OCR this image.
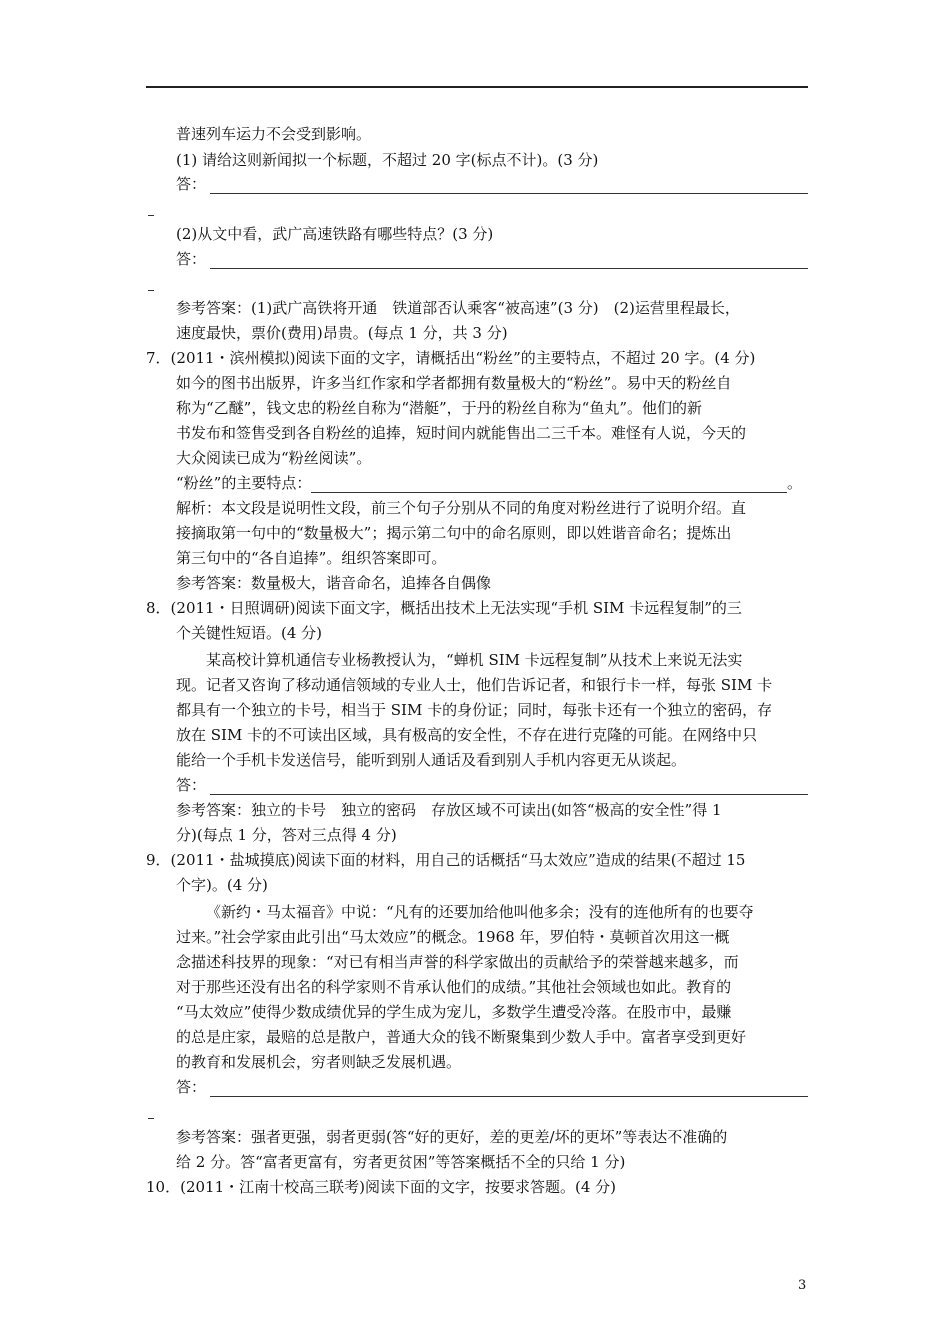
普速列车运力不会受到影响。
(1) 请给这则新闻拟一个标题，不超过 20 字(标点不计)。(3 分)
答：
(2)从文中看，武广高速铁路有哪些特点？(3 分)
答：
参考答案：(1)武广高铁将开通　铁道部否认乘客“被高速”(3 分)　(2)运营里程最长，
速度最快，票价(费用)昂贵。(每点 1 分，共 3 分)
7．(2011・滨州模拟)阅读下面的文字，请概括出“粉丝”的主要特点，不超过 20 字。(4 分)
如今的图书出版界，许多当红作家和学者都拥有数量极大的“粉丝”。易中天的粉丝自
称为“乙醚”，钱文忠的粉丝自称为“潜艇”，于丹的粉丝自称为“鱼丸”。他们的新
书发布和签售受到各自粉丝的追捧，短时间内就能售出二三千本。难怪有人说，今天的
大众阅读已成为“粉丝阅读”。
“粉丝”的主要特点：	。
解析：本文段是说明性文段，前三个句子分别从不同的角度对粉丝进行了说明介绍。直
接摘取第一句中的“数量极大”；揭示第二句中的命名原则，即以姓谐音命名；提炼出
第三句中的“各自追捧”。组织答案即可。
参考答案：数量极大，谐音命名，追捧各自偶像
8．(2011・日照调研)阅读下面文字，概括出技术上无法实现“手机 SIM 卡远程复制”的三
个关键性短语。(4 分)
某高校计算机通信专业杨教授认为，“蝉机 SIM 卡远程复制”从技术上来说无法实
现。记者又咨询了移动通信领域的专业人士，他们告诉记者，和银行卡一样，每张 SIM 卡
都具有一个独立的卡号，相当于 SIM 卡的身份证；同时，每张卡还有一个独立的密码，存
放在 SIM 卡的不可读出区域，具有极高的安全性，不存在进行克隆的可能。在网络中只
能给一个手机卡发送信号，能听到别人通话及看到别人手机内容更无从谈起。
答：
参考答案：独立的卡号　独立的密码　存放区域不可读出(如答“极高的安全性”得 1
分)(每点 1 分，答对三点得 4 分)
9．(2011・盐城摸底)阅读下面的材料，用自己的话概括“马太效应”造成的结果(不超过 15
个字)。(4 分)
《新约・马太福音》中说：“凡有的还要加给他叫他多余；没有的连他所有的也要夺
过来。”社会学家由此引出“马太效应”的概念。1968 年，罗伯特・莫顿首次用这一概
念描述科技界的现象：“对已有相当声誉的科学家做出的贡献给予的荣誉越来越多，而
对于那些还没有出名的科学家则不肯承认他们的成绩。”其他社会领域也如此。教育的
“马太效应”使得少数成绩优异的学生成为宠儿，多数学生遭受冷落。在股市中，最赚
的总是庄家，最赔的总是散户，普通大众的钱不断聚集到少数人手中。富者享受到更好
的教育和发展机会，穷者则缺乏发展机遇。
答：
参考答案：强者更强，弱者更弱(答“好的更好，差的更差/坏的更坏”等表达不准确的
给 2 分。答“富者更富有，穷者更贫困”等答案概括不全的只给 1 分)
10．(2011・江南十校高三联考)阅读下面的文字，按要求答题。(4 分)
3
